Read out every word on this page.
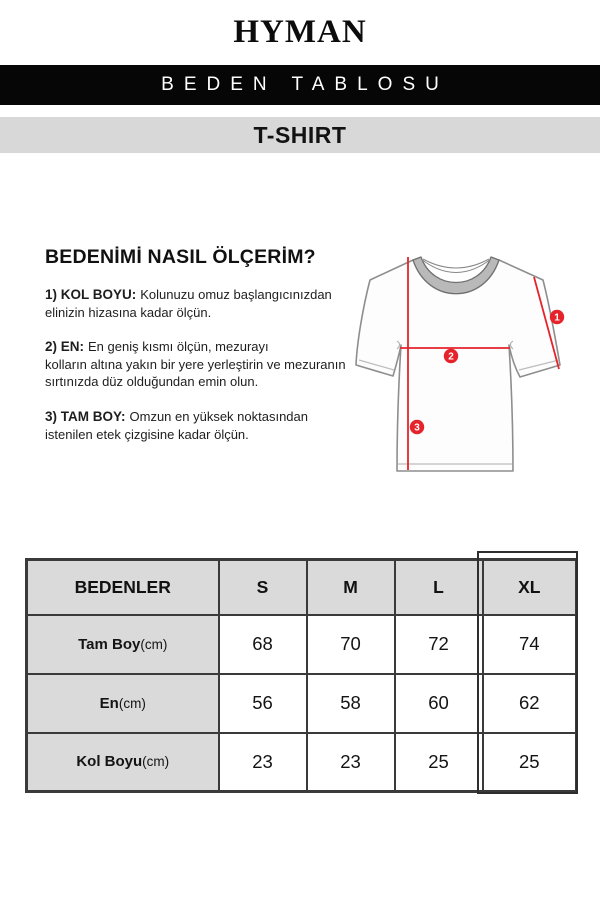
HYMAN
BEDEN TABLOSU
T-SHIRT
BEDENİMİ NASIL ÖLÇERİM?

1) KOL BOYU: Kolunuzu omuz başlangıcınızdan
elinizin hizasına kadar ölçün.

2) EN: En geniş kısmı ölçün, mezurayı
kolların altına yakın bir yere yerleştirin ve mezuranın
sırtınızda düz olduğundan emin olun.

3) TAM BOY: Omzun en yüksek noktasından
istenilen etek çizgisine kadar ölçün.

1
2
3
BEDENLER	S	M	L	XL
Tam Boy(cm)	68	70	72	74
En(cm)	56	58	60	62
Kol Boyu(cm)	23	23	25	25
